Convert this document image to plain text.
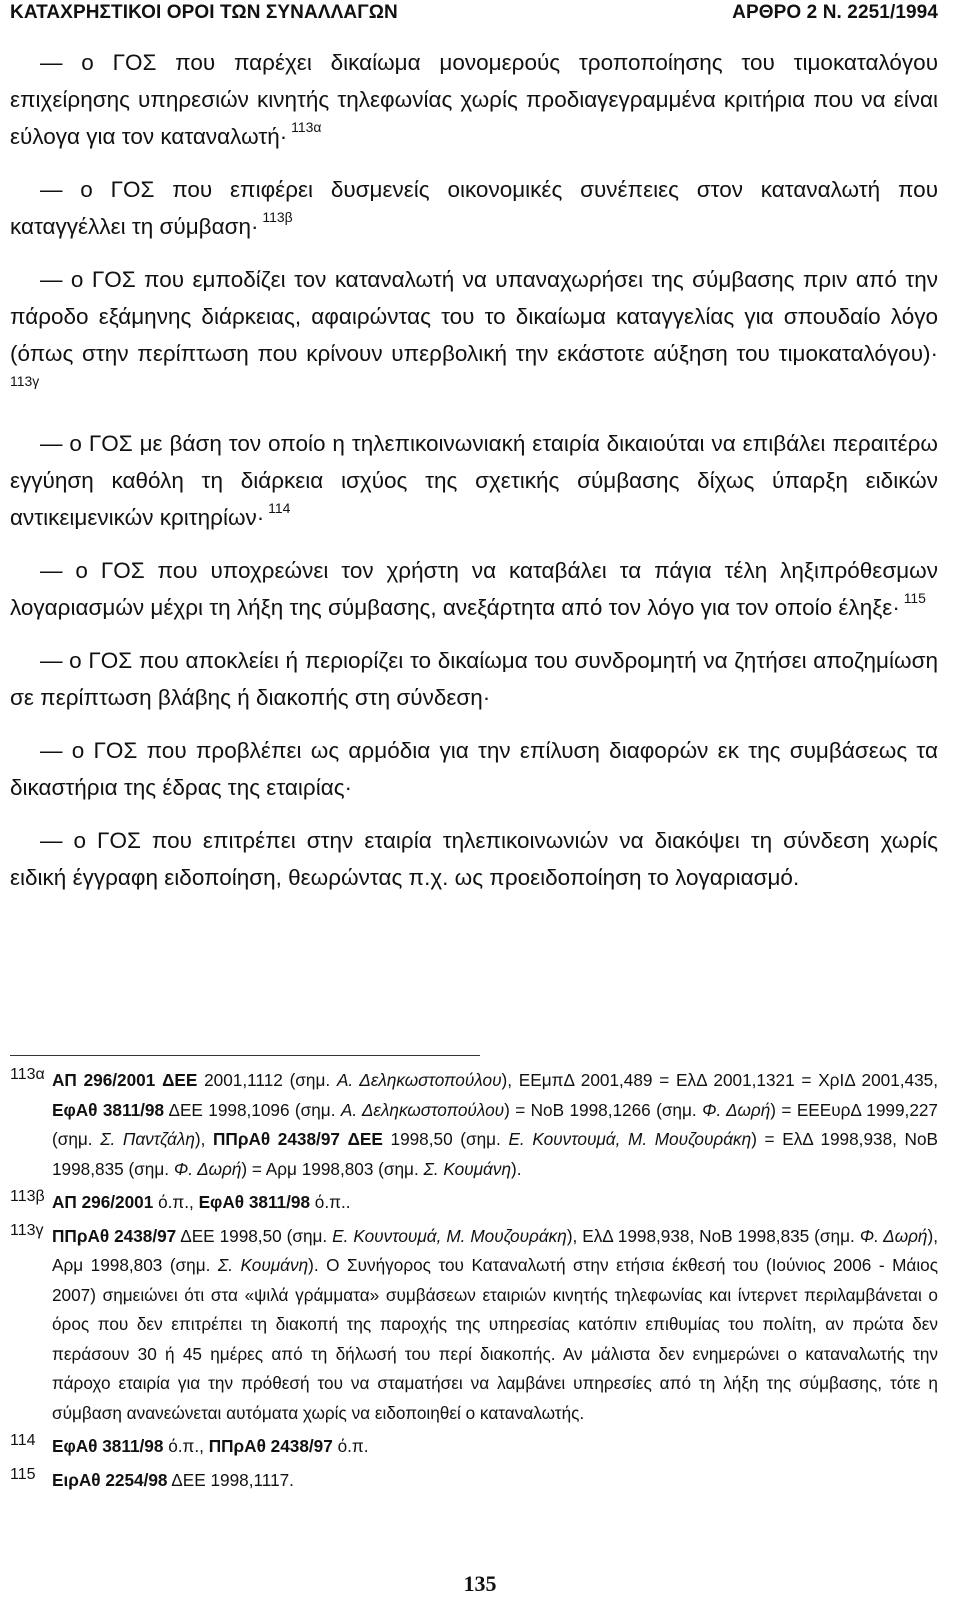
ΚΑΤΑΧΡΗΣΤΙΚΟΙ ΟΡΟΙ ΤΩΝ ΣΥΝΑΛΛΑΓΩΝ	ΑΡΘΡΟ 2 Ν. 2251/1994

— ο ΓΟΣ που παρέχει δικαίωμα μονομερούς τροποποίησης του τιμοκαταλόγου επιχείρησης υπηρεσιών κινητής τηλεφωνίας χωρίς προδιαγεγραμμένα κριτήρια που να είναι εύλογα για τον καταναλωτή· $^{113\alpha}$

— ο ΓΟΣ που επιφέρει δυσμενείς οικονομικές συνέπειες στον καταναλωτή που καταγγέλλει τη σύμβαση· $^{113\beta}$

— ο ΓΟΣ που εμποδίζει τον καταναλωτή να υπαναχωρήσει της σύμβασης πριν από την πάροδο εξάμηνης διάρκειας, αφαιρώντας του το δικαίωμα καταγγελίας για σπουδαίο λόγο (όπως στην περίπτωση που κρίνουν υπερβολική την εκάστοτε αύξηση του τιμοκαταλόγου)· $^{113\gamma}$

— ο ΓΟΣ με βάση τον οποίο η τηλεπικοινωνιακή εταιρία δικαιούται να επιβάλει περαιτέρω εγγύηση καθόλη τη διάρκεια ισχύος της σχετικής σύμβασης δίχως ύπαρξη ειδικών αντικειμενικών κριτηρίων· $^{114}$

— ο ΓΟΣ που υποχρεώνει τον χρήστη να καταβάλει τα πάγια τέλη ληξιπρόθεσμων λογαριασμών μέχρι τη λήξη της σύμβασης, ανεξάρτητα από τον λόγο για τον οποίο έληξε· $^{115}$

— ο ΓΟΣ που αποκλείει ή περιορίζει το δικαίωμα του συνδρομητή να ζητήσει αποζημίωση σε περίπτωση βλάβης ή διακοπής στη σύνδεση·

— ο ΓΟΣ που προβλέπει ως αρμόδια για την επίλυση διαφορών εκ της συμβάσεως τα δικαστήρια της έδρας της εταιρίας·

— ο ΓΟΣ που επιτρέπει στην εταιρία τηλεπικοινωνιών να διακόψει τη σύνδεση χωρίς ειδική έγγραφη ειδοποίηση, θεωρώντας π.χ. ως προειδοποίηση το λογαριασμό.

113α ΑΠ 296/2001 ΔΕΕ 2001,1112 (σημ. Α. Δεληκωστοπούλου), ΕΕμπΔ 2001,489 = ΕλΔ 2001,1321 = ΧρΙΔ 2001,435, ΕφΑθ 3811/98 ΔΕΕ 1998,1096 (σημ. Α. Δεληκωστοπούλου) = ΝοΒ 1998,1266 (σημ. Φ. Δωρή) = ΕΕΕυρΔ 1999,227 (σημ. Σ. Παντζάλη), ΠΠρΑθ 2438/97 ΔΕΕ 1998,50 (σημ. Ε. Κουντουμά, Μ. Μουζουράκη) = ΕλΔ 1998,938, ΝοΒ 1998,835 (σημ. Φ. Δωρή) = Αρμ 1998,803 (σημ. Σ. Κουμάνη).
113β ΑΠ 296/2001 ό.π., ΕφΑθ 3811/98 ό.π..
113γ ΠΠρΑθ 2438/97 ΔΕΕ 1998,50 (σημ. Ε. Κουντουμά, Μ. Μουζουράκη), ΕλΔ 1998,938, ΝοΒ 1998,835 (σημ. Φ. Δωρή), Αρμ 1998,803 (σημ. Σ. Κουμάνη). Ο Συνήγορος του Καταναλωτή στην ετήσια έκθεσή του (Ιούνιος 2006 - Μάιος 2007) σημειώνει ότι στα «ψιλά γράμματα» συμβάσεων εταιριών κινητής τηλεφωνίας και ίντερνετ περιλαμβάνεται ο όρος που δεν επιτρέπει τη διακοπή της παροχής της υπηρεσίας κατόπιν επιθυμίας του πολίτη, αν πρώτα δεν περάσουν 30 ή 45 ημέρες από τη δήλωσή του περί διακοπής. Αν μάλιστα δεν ενημερώνει ο καταναλωτής την πάροχο εταιρία για την πρόθεσή του να σταματήσει να λαμβάνει υπηρεσίες από τη λήξη της σύμβασης, τότε η σύμβαση ανανεώνεται αυτόματα χωρίς να ειδοποιηθεί ο καταναλωτής.
114 ΕφΑθ 3811/98 ό.π., ΠΠρΑθ 2438/97 ό.π.
115 ΕιρΑθ 2254/98 ΔΕΕ 1998,1117.
135
